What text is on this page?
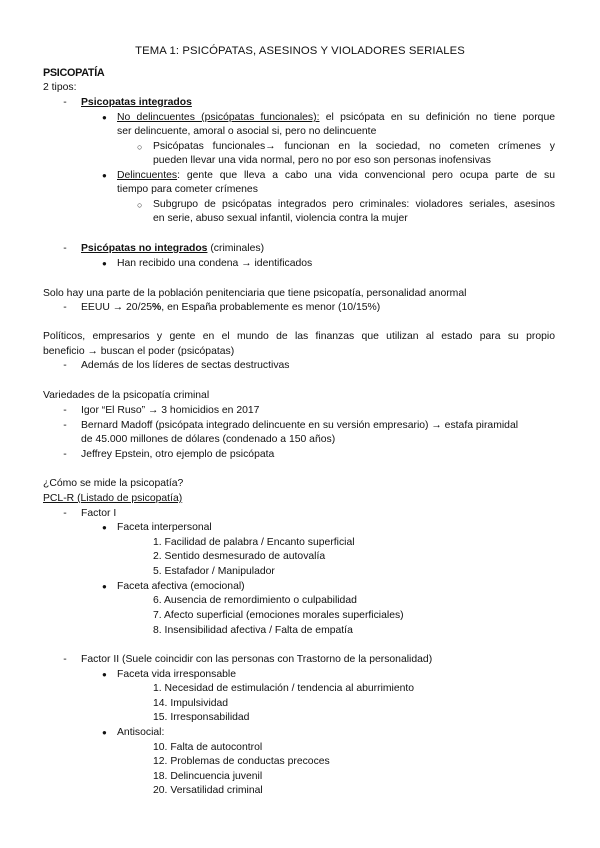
TEMA 1: PSICÓPATAS, ASESINOS Y VIOLADORES SERIALES
PSICOPATÍA
2 tipos:
- Psicopatas integrados
● No delincuentes (psicópatas funcionales): el psicópata en su definición no tiene porque
ser delincuente, amoral o asocial si, pero no delincuente
○ Psicópatas funcionales→ funcionan en la sociedad, no cometen crímenes y
pueden llevar una vida normal, pero no por eso son personas inofensivas
● Delincuentes: gente que lleva a cabo una vida convencional pero ocupa parte de su
tiempo para cometer crímenes
○ Subgrupo de psicópatas integrados pero criminales: violadores seriales, asesinos
en serie, abuso sexual infantil, violencia contra la mujer
- Psicópatas no integrados (criminales)
● Han recibido una condena → identificados
Solo hay una parte de la población penitenciaria que tiene psicopatía, personalidad anormal
- EEUU → 20/25%, en España probablemente es menor (10/15%)
Políticos, empresarios y gente en el mundo de las finanzas que utilizan al estado para su propio
beneficio → buscan el poder (psicópatas)
- Además de los líderes de sectas destructivas
Variedades de la psicopatía criminal
- Igor “El Ruso” → 3 homicidios en 2017
- Bernard Madoff (psicópata integrado delincuente en su versión empresario) → estafa piramidal
de 45.000 millones de dólares (condenado a 150 años)
- Jeffrey Epstein, otro ejemplo de psicópata
¿Cómo se mide la psicopatía?
PCL-R (Listado de psicopatía)
- Factor I
● Faceta interpersonal
1. Facilidad de palabra / Encanto superficial
2. Sentido desmesurado de autovalía
5. Estafador / Manipulador
● Faceta afectiva (emocional)
6. Ausencia de remordimiento o culpabilidad
7. Afecto superficial (emociones morales superficiales)
8. Insensibilidad afectiva / Falta de empatía
- Factor II (Suele coincidir con las personas con Trastorno de la personalidad)
● Faceta vida irresponsable
1. Necesidad de estimulación / tendencia al aburrimiento
14. Impulsividad
15. Irresponsabilidad
● Antisocial:
10. Falta de autocontrol
12. Problemas de conductas precoces
18. Delincuencia juvenil
20. Versatilidad criminal
